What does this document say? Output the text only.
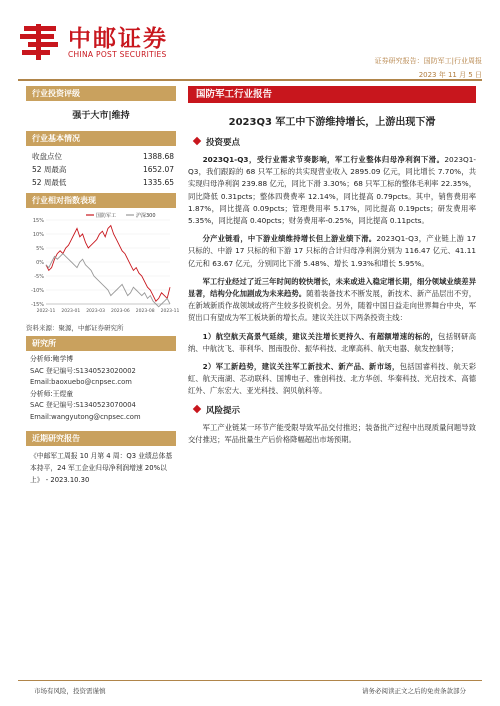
中邮证券
CHINA POST SECURITIES
证券研究报告：国防军工|行业周报
2023 年 11 月 5 日
行业投资评级
强于大市|维持
行业基本情况
收盘点位	1388.68
52 周最高	1652.07
52 周最低	1335.65
行业相对指数表现
15%
10%
5%
0%
-5%
-10%
-15%
2022-11 2023-01 2023-03 2023-06 2023-08 2023-11
国防军工	沪深300
资料来源：聚源，中邮证券研究所
研究所
分析师:鲍学博
SAC 登记编号:S1340523020002
Email:baoxuebo@cnpsec.com
分析师:王煜童
SAC 登记编号:S1340523070004
Email:wangyutong@cnpsec.com
近期研究报告
《中邮军工周报 10 月第 4 周：Q3 业绩总体基本持平，24 军工企业归母净利润增速 20%以上》 - 2023.10.30
国防军工行业报告
2023Q3 军工中下游维持增长，上游出现下滑
投资要点

2023Q1-Q3，受行业需求节奏影响，军工行业整体归母净利润下滑。2023Q1-Q3，我们跟踪的 68 只军工标的共实现营业收入 2895.09 亿元，同比增长 7.70%，共实现归母净利润 239.88 亿元，同比下滑 3.30%；68 只军工标的整体毛利率 22.35%，同比降低 0.31pcts；整体四费费率 12.14%，同比提高 0.79pcts。其中，销售费用率 1.87%，同比提高 0.09pcts；管理费用率 5.17%，同比提高 0.19pcts；研发费用率 5.35%，同比提高 0.40pcts；财务费用率-0.25%，同比提高 0.11pcts。

分产业链看，中下游业绩维持增长但上游业绩下滑。2023Q1-Q3，产业链上游 17 只标的、中游 17 只标的和下游 17 只标的合计归母净利润分别为 116.47 亿元、41.11 亿元和 63.67 亿元，分别同比下滑 5.48%、增长 1.93%和增长 5.95%。

军工行业经过了近三年时间的较快增长，未来或进入稳定增长期，细分领域业绩差异显著，结构分化加剧成为未来趋势。随着装备技术不断发展，新技术、新产品层出不穷，在新域新质作战领域或将产生较多投资机会。另外，随着中国日益走向世界舞台中央，军贸出口有望成为军工板块新的增长点。建议关注以下两条投资主线：

1）航空航天高景气延续，建议关注增长更持久、有超额增速的标的，包括钢研高纳、中航沈飞、菲利华、图南股份、振华科技、北摩高科、航天电器、航发控制等；

2）军工新趋势，建议关注军工新技术、新产品、新市场，包括国睿科技、航天彩虹、航天南湖、芯动联科、国博电子、雅创科技、北方华创、华秦科技、光启技术、高德红外、广东宏大、亚光科技、润贝航科等。

风险提示

军工产业链某一环节产能受限导致军品交付推迟；装备批产过程中出现质量问题导致交付推迟；军品批量生产后价格降幅超出市场预期。

市场有风险，投资需谨慎	请务必阅读正文之后的免责条款部分
